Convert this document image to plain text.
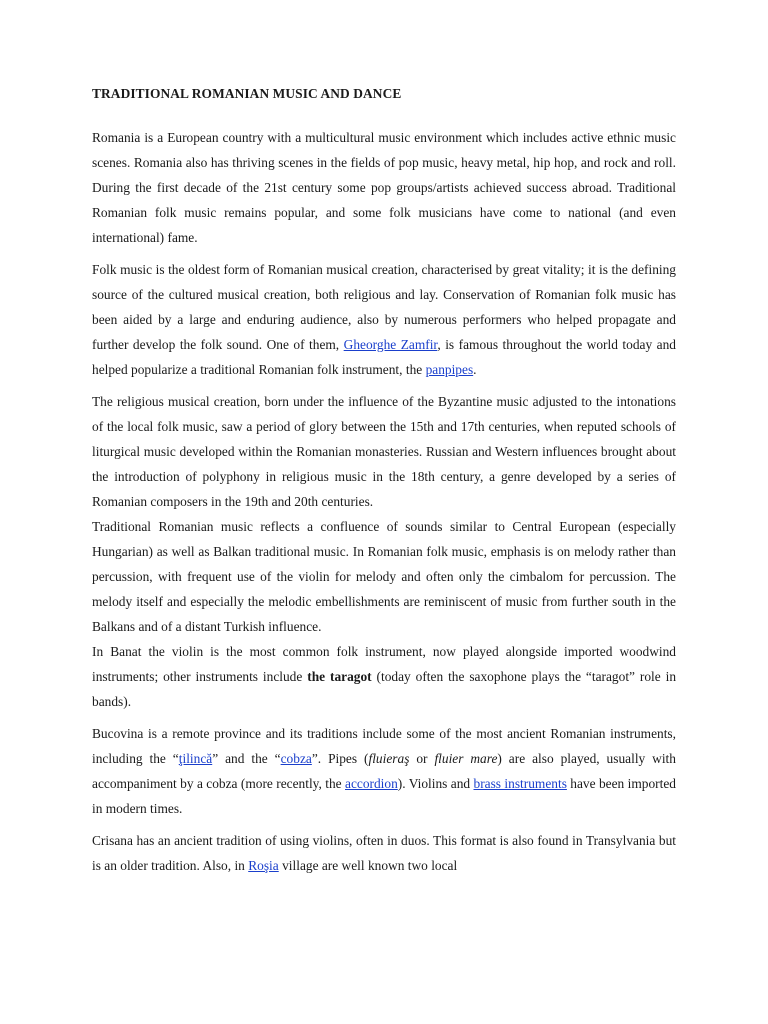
TRADITIONAL ROMANIAN MUSIC AND DANCE

Romania is a European country with a multicultural music environment which includes active ethnic music scenes. Romania also has thriving scenes in the fields of pop music, heavy metal, hip hop, and rock and roll. During the first decade of the 21st century some pop groups/artists achieved success abroad. Traditional Romanian folk music remains popular, and some folk musicians have come to national (and even international) fame.

Folk music is the oldest form of Romanian musical creation, characterised by great vitality; it is the defining source of the cultured musical creation, both religious and lay. Conservation of Romanian folk music has been aided by a large and enduring audience, also by numerous performers who helped propagate and further develop the folk sound. One of them, Gheorghe Zamfir, is famous throughout the world today and helped popularize a traditional Romanian folk instrument, the panpipes.

The religious musical creation, born under the influence of the Byzantine music adjusted to the intonations of the local folk music, saw a period of glory between the 15th and 17th centuries, when reputed schools of liturgical music developed within the Romanian monasteries. Russian and Western influences brought about the introduction of polyphony in religious music in the 18th century, a genre developed by a series of Romanian composers in the 19th and 20th centuries.

Traditional Romanian music reflects a confluence of sounds similar to Central European (especially Hungarian) as well as Balkan traditional music. In Romanian folk music, emphasis is on melody rather than percussion, with frequent use of the violin for melody and often only the cimbalom for percussion. The melody itself and especially the melodic embellishments are reminiscent of music from further south in the Balkans and of a distant Turkish influence.

In Banat the violin is the most common folk instrument, now played alongside imported woodwind instruments; other instruments include the taragot (today often the saxophone plays the “taragot” role in bands).

Bucovina is a remote province and its traditions include some of the most ancient Romanian instruments, including the “ţilincă” and the “cobza”. Pipes (fluieraş or fluier mare) are also played, usually with accompaniment by a cobza (more recently, the accordion). Violins and brass instruments have been imported in modern times.

Crisana has an ancient tradition of using violins, often in duos. This format is also found in Transylvania but is an older tradition. Also, in Roşia village are well known two local
